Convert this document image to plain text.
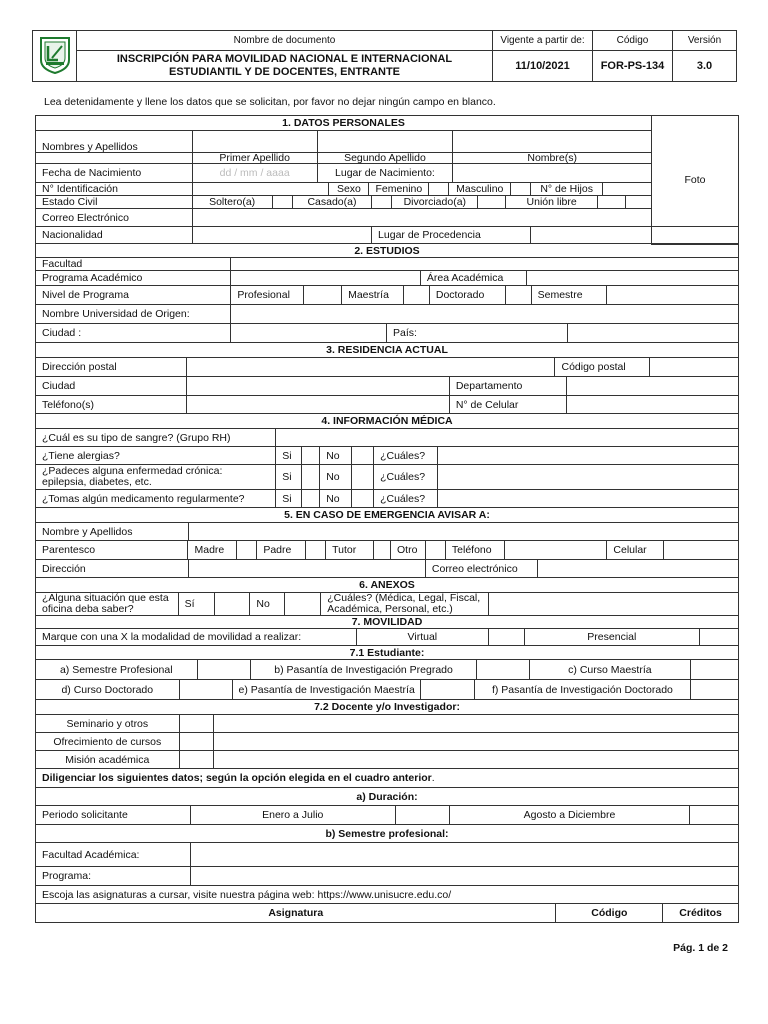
	Nombre de documento	Vigente a partir de:	Código	Versión

	INSCRIPCIÓN PARA MOVILIDAD NACIONAL E INTERNACIONAL
ESTUDIANTIL Y DE DOCENTES, ENTRANTE	11/10/2021	FOR-PS-134	3.0
Lea detenidamente y llene los datos que se solicitan, por favor no dejar ningún campo en blanco.
Foto
1. DATOS PERSONALES
Nombres y Apellidos
Primer Apellido	Segundo Apellido	Nombre(s)
Fecha de Nacimiento	dd / mm / aaaa	Lugar de Nacimiento:
N° Identificación	Sexo	Femenino	Masculino	N° de Hijos
Estado Civil	Soltero(a)	Casado(a)	Divorciado(a)	Unión libre
Correo Electrónico
Nacionalidad	Lugar de Procedencia
2. ESTUDIOS
Facultad
Programa Académico	Área Académica
Nivel de Programa	Profesional	Maestría	Doctorado	Semestre
Nombre Universidad de Origen:
Ciudad :	País:
3. RESIDENCIA ACTUAL
Dirección postal	Código postal
Ciudad	Departamento
Teléfono(s)	N° de Celular
4. INFORMACIÓN MÉDICA
¿Cuál es su tipo de sangre? (Grupo RH)
¿Tiene alergias?	Si	No	¿Cuáles?
¿Padeces alguna enfermedad crónica: epilepsia, diabetes, etc.	Si	No	¿Cuáles?
¿Tomas algún medicamento regularmente?	Si	No	¿Cuáles?
5. EN CASO DE EMERGENCIA AVISAR A:
Nombre y Apellidos
Parentesco	Madre	Padre	Tutor	Otro	Teléfono	Celular
Dirección	Correo electrónico
6. ANEXOS
¿Alguna situación que esta oficina deba saber?	Sí	No	¿Cuáles? (Médica, Legal, Fiscal, Académica, Personal, etc.)
7. MOVILIDAD
Marque con una X la modalidad de movilidad a realizar:	Virtual	Presencial
7.1 Estudiante:
a) Semestre Profesional	b) Pasantía de Investigación Pregrado	c) Curso Maestría
d) Curso Doctorado	e) Pasantía de Investigación Maestría	f) Pasantía de Investigación Doctorado
7.2 Docente y/o Investigador:
Seminario y otros
Ofrecimiento de cursos
Misión académica
Diligenciar los siguientes datos; según la opción elegida en el cuadro anterior .
a) Duración:
Periodo solicitante	Enero a Julio	Agosto a Diciembre
b) Semestre profesional:
Facultad Académica:
Programa:
Escoja las asignaturas a cursar, visite nuestra página web: https://www.unisucre.edu.co/
Asignatura	Código	Créditos
Pág. 1 de 2
